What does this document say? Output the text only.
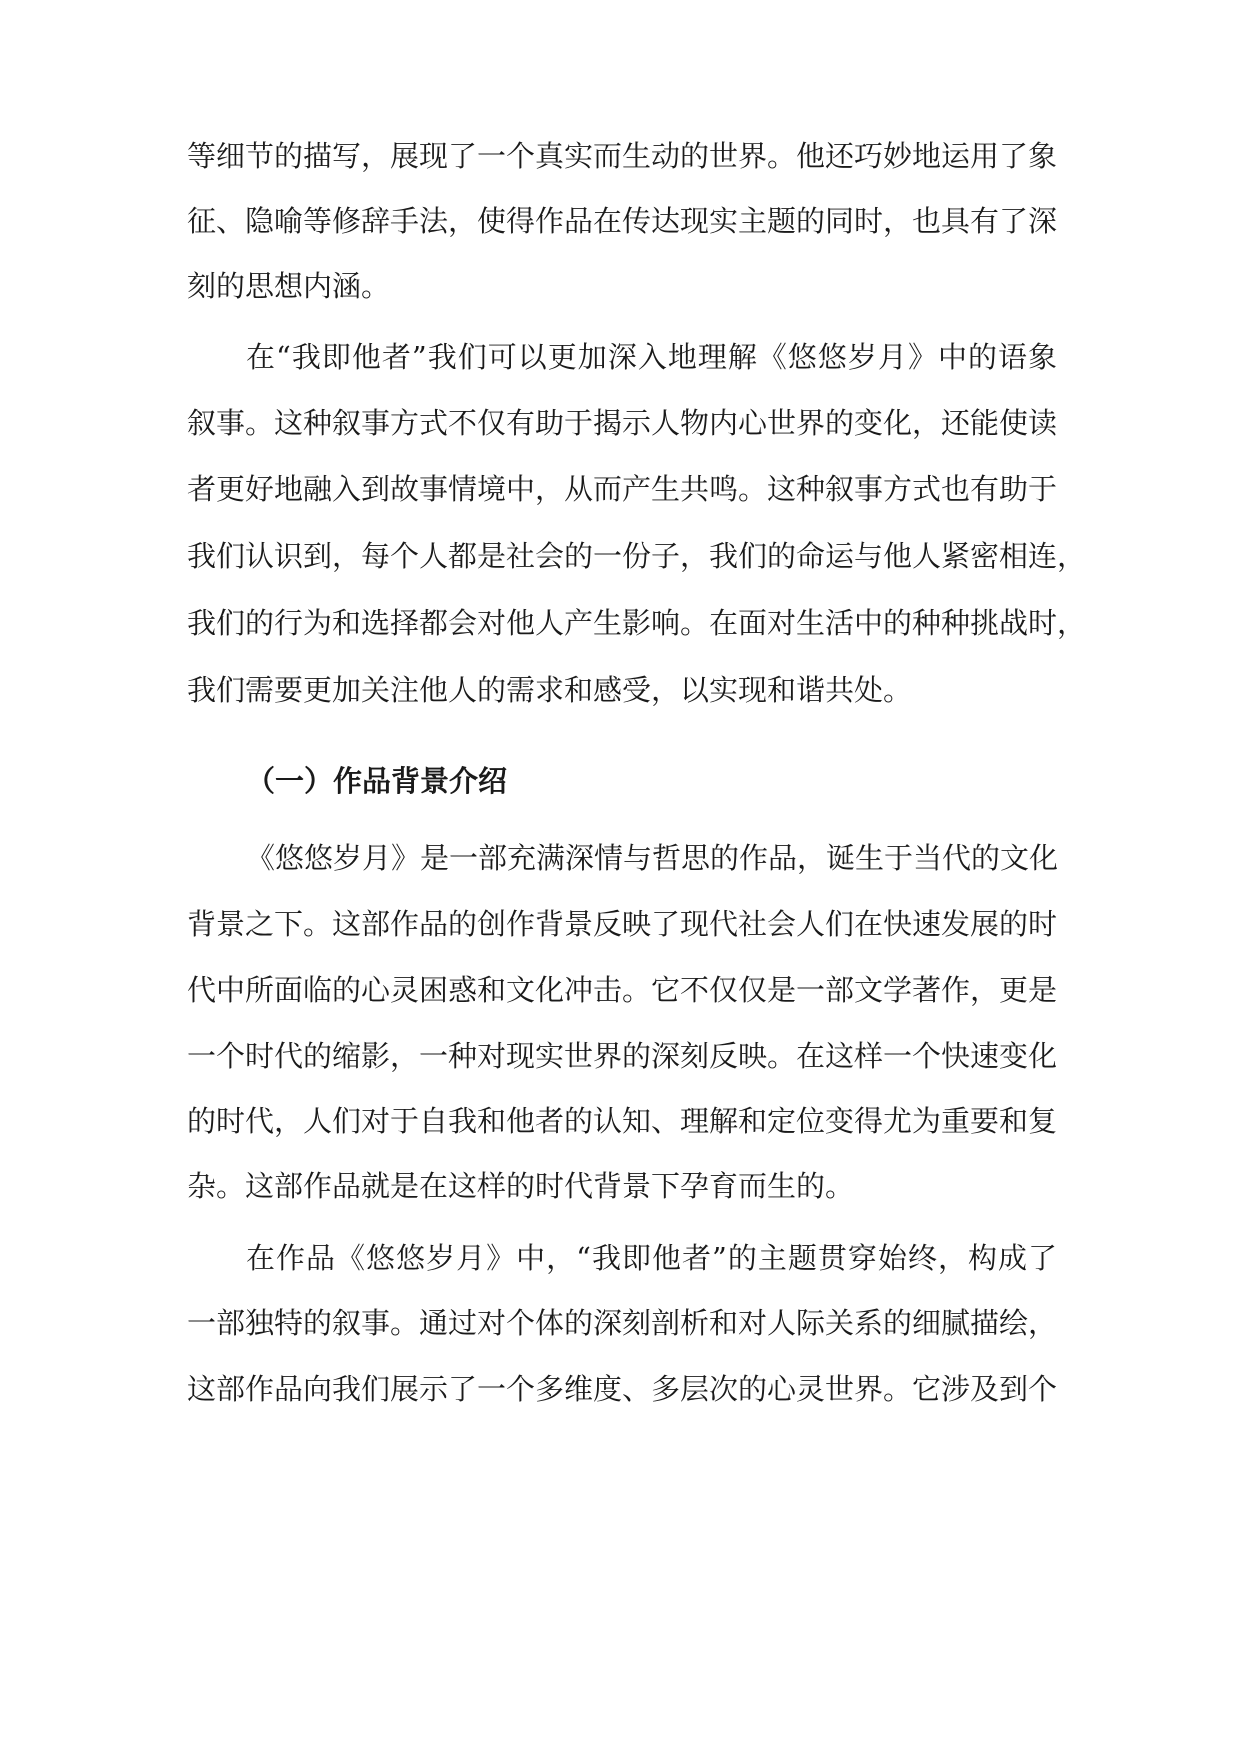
等细节的描写，展现了一个真实而生动的世界。他还巧妙地运用了象
征、隐喻等修辞手法，使得作品在传达现实主题的同时，也具有了深
刻的思想内涵。
在“我即他者”我们可以更加深入地理解《悠悠岁月》中的语象
叙事。这种叙事方式不仅有助于揭示人物内心世界的变化，还能使读
者更好地融入到故事情境中，从而产生共鸣。这种叙事方式也有助于
我们认识到，每个人都是社会的一份子，我们的命运与他人紧密相连，
我们的行为和选择都会对他人产生影响。在面对生活中的种种挑战时，
我们需要更加关注他人的需求和感受，以实现和谐共处。
（一）作品背景介绍
《悠悠岁月》是一部充满深情与哲思的作品，诞生于当代的文化
背景之下。这部作品的创作背景反映了现代社会人们在快速发展的时
代中所面临的心灵困惑和文化冲击。它不仅仅是一部文学著作，更是
一个时代的缩影，一种对现实世界的深刻反映。在这样一个快速变化
的时代，人们对于自我和他者的认知、理解和定位变得尤为重要和复
杂。这部作品就是在这样的时代背景下孕育而生的。
在作品《悠悠岁月》中，“我即他者”的主题贯穿始终，构成了
一部独特的叙事。通过对个体的深刻剖析和对人际关系的细腻描绘，
这部作品向我们展示了一个多维度、多层次的心灵世界。它涉及到个
